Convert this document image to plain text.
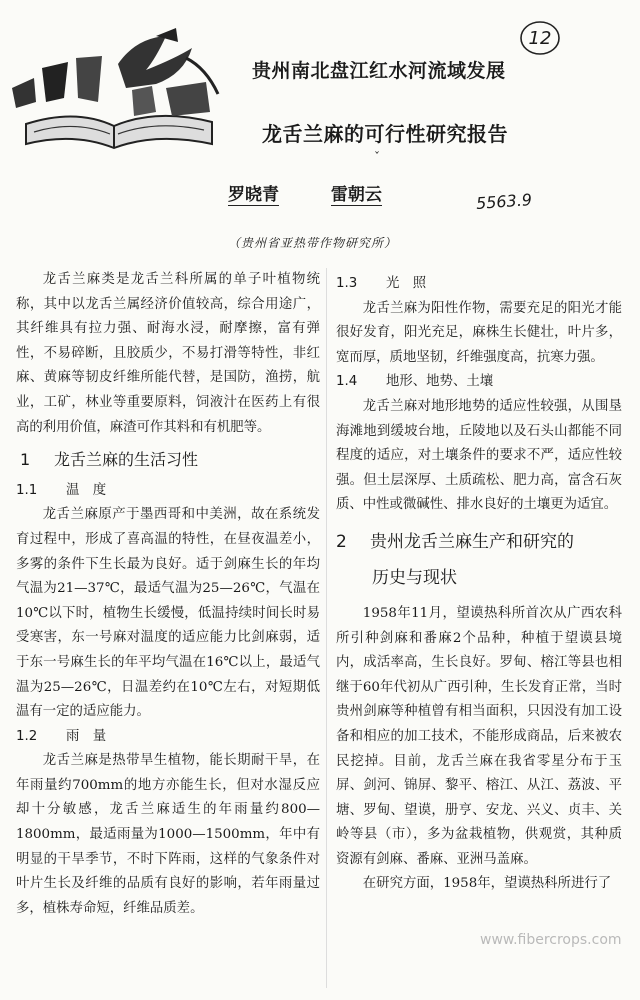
12
贵州南北盘江红水河流域发展
龙舌兰麻的可行性研究报告
ˇ
罗晓青	雷朝云	5563.9
（贵州省亚热带作物研究所）

龙舌兰麻类是龙舌兰科所属的单子叶植物统称，其中以龙舌兰属经济价值较高，综合用途广，其纤维具有拉力强、耐海水浸，耐摩擦，富有弹性，不易碎断，且胶质少，不易打滑等特性，非红麻、黄麻等韧皮纤维所能代替，是国防，渔捞，航业，工矿，林业等重要原料，饲液汁在医药上有很高的利用价值，麻渣可作其料和有机肥等。

1 龙舌兰麻的生活习性
1.1 温　度

龙舌兰麻原产于墨西哥和中美洲，故在系统发育过程中，形成了喜高温的特性，在昼夜温差小，多雾的条件下生长最为良好。适于剑麻生长的年均气温为21—37℃，最适气温为25—26℃，气温在10℃以下时，植物生长缓慢，低温持续时间长时易受寒害，东一号麻对温度的适应能力比剑麻弱，适于东一号麻生长的年平均气温在16℃以上，最适气温为25—26℃，日温差约在10℃左右，对短期低温有一定的适应能力。

1.2 雨　量

龙舌兰麻是热带旱生植物，能长期耐干旱，在年雨量约700mm的地方亦能生长，但对水湿反应却十分敏感，龙舌兰麻适生的年雨量约800—1800mm，最适雨量为1000—1500mm，年中有明显的干旱季节，不时下阵雨，这样的气象条件对叶片生长及纤维的品质有良好的影响，若年雨量过多，植株寿命短，纤维品质差。

1.3 光　照

龙舌兰麻为阳性作物，需要充足的阳光才能很好发育，阳光充足，麻株生长健壮，叶片多，宽而厚，质地坚韧，纤维强度高，抗寒力强。

1.4 地形、地势、土壤

龙舌兰麻对地形地势的适应性较强，从围垦海滩地到缓坡台地，丘陵地以及石头山都能不同程度的适应，对土壤条件的要求不严，适应性较强。但土层深厚、土质疏松、肥力高，富含石灰质、中性或微碱性、排水良好的土壤更为适宜。

2 贵州龙舌兰麻生产和研究的
历史与现状

1958年11月，望谟热科所首次从广西农科所引种剑麻和番麻2个品种，种植于望谟县境内，成活率高，生长良好。罗甸、榕江等县也相继于60年代初从广西引种，生长发育正常，当时贵州剑麻等种植曾有相当面积，只因没有加工设备和相应的加工技术，不能形成商品，后来被农民挖掉。目前，龙舌兰麻在我省零星分布于玉屏、剑河、锦屏、黎平、榕江、从江、荔波、平塘、罗甸、望谟，册亨、安龙、兴义、贞丰、关岭等县（市），多为盆栽植物，供观赏，其种质资源有剑麻、番麻、亚洲马盖麻。

在研究方面，1958年，望谟热科所进行了

www.fibercrops.com
